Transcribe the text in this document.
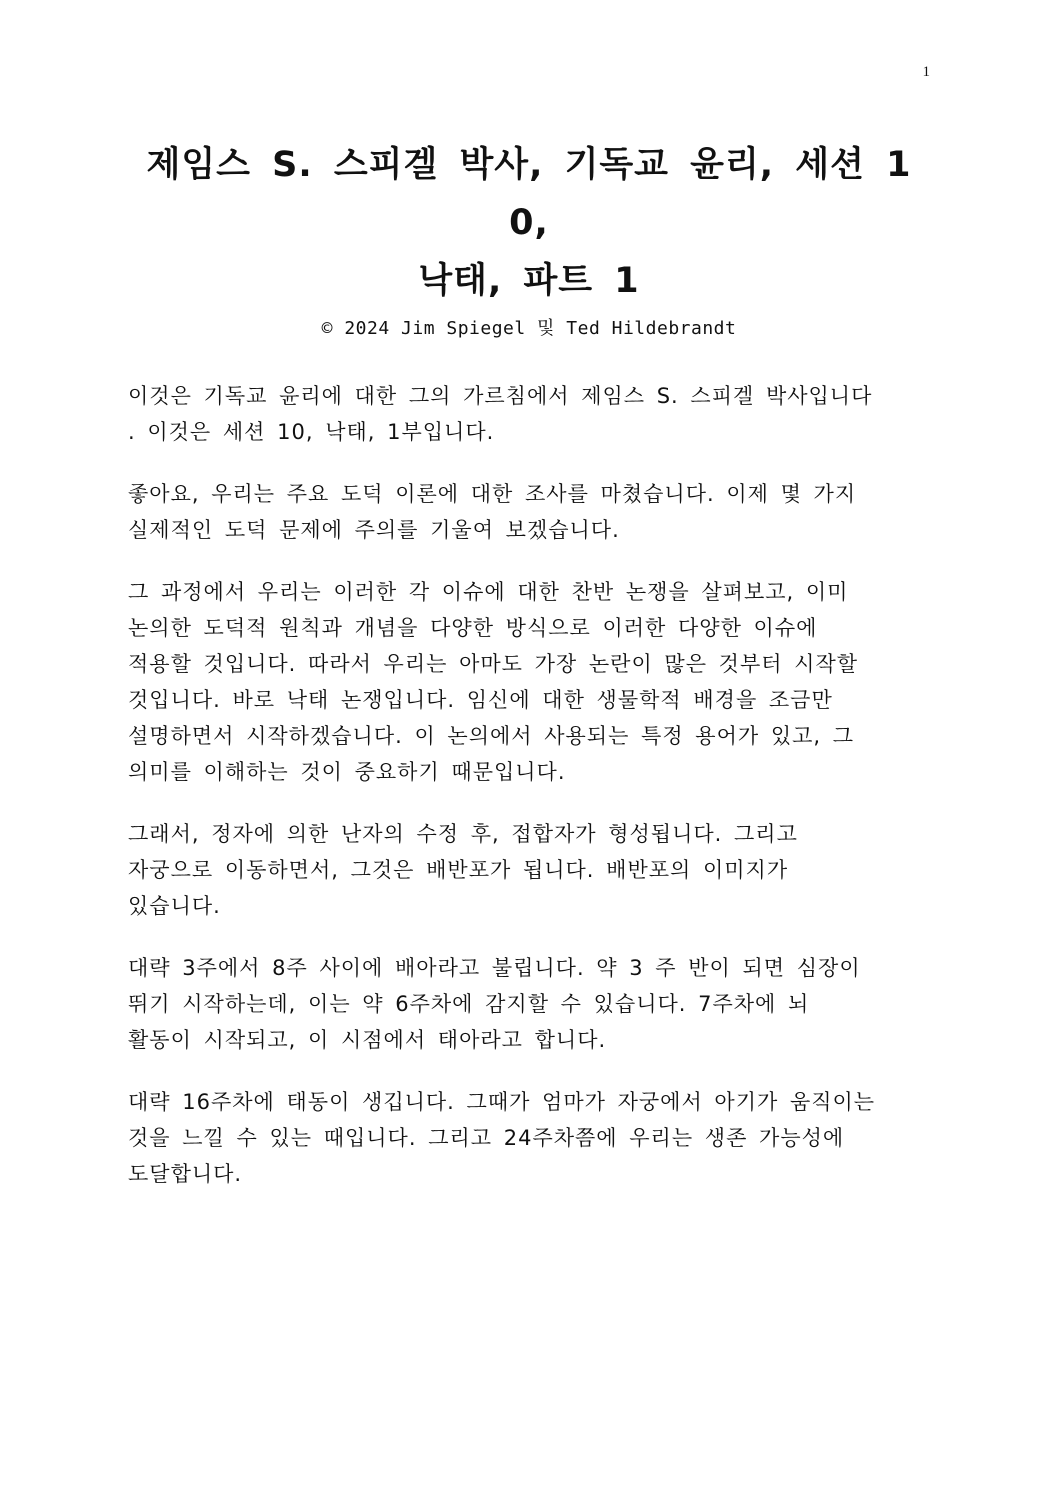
1
제임스 S. 스피겔 박사, 기독교 윤리, 세션 1
0,
낙태, 파트 1
© 2024 Jim Spiegel 및 Ted Hildebrandt
이것은 기독교 윤리에 대한 그의 가르침에서 제임스 S. 스피겔 박사입니다
. 이것은 세션 10, 낙태, 1부입니다.
좋아요, 우리는 주요 도덕 이론에 대한 조사를 마쳤습니다. 이제 몇 가지
실제적인 도덕 문제에 주의를 기울여 보겠습니다.
그 과정에서 우리는 이러한 각 이슈에 대한 찬반 논쟁을 살펴보고, 이미
논의한 도덕적 원칙과 개념을 다양한 방식으로 이러한 다양한 이슈에
적용할 것입니다. 따라서 우리는 아마도 가장 논란이 많은 것부터 시작할
것입니다. 바로 낙태 논쟁입니다. 임신에 대한 생물학적 배경을 조금만
설명하면서 시작하겠습니다. 이 논의에서 사용되는 특정 용어가 있고, 그
의미를 이해하는 것이 중요하기 때문입니다.
그래서, 정자에 의한 난자의 수정 후, 접합자가 형성됩니다. 그리고
자궁으로 이동하면서, 그것은 배반포가 됩니다. 배반포의 이미지가
있습니다.
대략 3주에서 8주 사이에 배아라고 불립니다. 약 3 주 반이 되면 심장이
뛰기 시작하는데, 이는 약 6주차에 감지할 수 있습니다. 7주차에 뇌
활동이 시작되고, 이 시점에서 태아라고 합니다.
대략 16주차에 태동이 생깁니다. 그때가 엄마가 자궁에서 아기가 움직이는
것을 느낄 수 있는 때입니다. 그리고 24주차쯤에 우리는 생존 가능성에
도달합니다.
